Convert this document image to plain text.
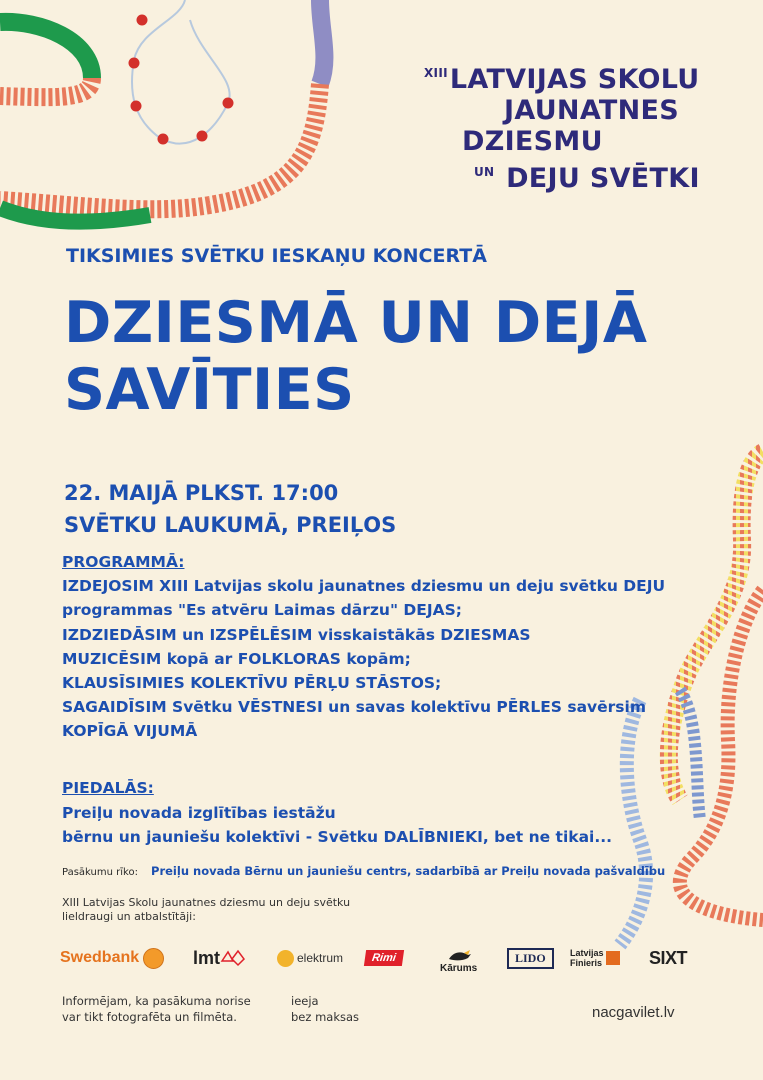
$^{XIII}$LATVIJAS SKOLU
JAUNATNES
DZIESMU
$^{UN}$ DEJU SVĒTKI
TIKSIMIES SVĒTKU IESKAŅU KONCERTĀ
DZIESMĀ UN DEJĀ
SAVĪTIES
22. MAIJĀ PLKST. 17:00
SVĒTKU LAUKUMĀ, PREIĻOS
PROGRAMMĀ:
IZDEJOSIM XIII Latvijas skolu jaunatnes dziesmu un deju svētku DEJU
programmas "Es atvēru Laimas dārzu" DEJAS;
IZDZIEDĀSIM un IZSPĒLĒSIM visskaistākās DZIESMAS
MUZICĒSIM kopā ar FOLKLORAS kopām;
KLAUSĪSIMIES KOLEKTĪVU PĒRĻU STĀSTOS;
SAGAIDĪSIM Svētku VĒSTNESI un savas kolektīvu PĒRLES savērsim
KOPĪGĀ VIJUMĀ
PIEDALĀS:
Preiļu novada izglītības iestāžu
bērnu un jauniešu kolektīvi - Svētku DALĪBNIEKI, bet ne tikai...
Pasākumu rīko: Preiļu novada Bērnu un jauniešu centrs, sadarbībā ar Preiļu novada pašvaldību
XIII Latvijas Skolu jaunatnes dziesmu un deju svētku
lieldraugi un atbalstītāji:
Swedbank	lmt	elektrum	Rimi
Kārums
LIDO	Latvijas
Finieris	SIXT
Informējam, ka pasākuma norise
var tikt fotografēta un filmēta.
ieeja
bez maksas	nacgavilet.lv
